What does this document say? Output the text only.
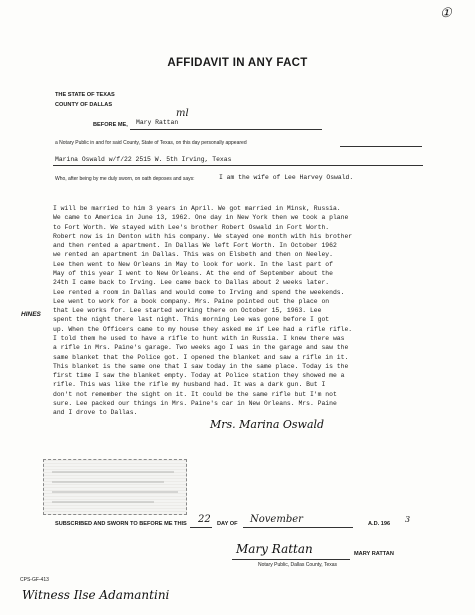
①
AFFIDAVIT IN ANY FACT
THE STATE OF TEXAS
COUNTY OF DALLAS
BEFORE ME, Mary Rattan
ml
a Notary Public in and for said County, State of Texas, on this day personally appeared
Marina Oswald w/f/22 2515 W. 5th Irving, Texas
Who, after being by me duly sworn, on oath deposes and says:	I am the wife of Lee Harvey Oswald.
HINES
I will be married to him 3 years in April. We got married in Minsk, Russia.
We came to America in June 13, 1962. One day in New York then we took a plane
to Fort Worth. We stayed with Lee's brother Robert Oswald in Fort Worth.
Robert now is in Denton with his company. We stayed one month with his brother
and then rented a apartment. In Dallas We left Fort Worth. In October 1962
we rented an apartment in Dallas. This was on Elsbeth and then on Neeley.
Lee then went to New Orleans in May to look for work. In the last part of
May of this year I went to New Orleans. At the end of September about the
24th I came back to Irving. Lee came back to Dallas about 2 weeks later.
Lee rented a room in Dallas and would come to Irving and spend the weekends.
Lee went to work for a book company. Mrs. Paine pointed out the place on
that Lee works for. Lee started working there on October 15, 1963. Lee
spent the night there last night. This morning Lee was gone before I got
up. When the Officers came to my house they asked me if Lee had a rifle rifle.
I told them he used to have a rifle to hunt with in Russia. I knew there was
a rifle in Mrs. Paine's garage. Two weeks ago I was in the garage and saw the
same blanket that the Police got. I opened the blanket and saw a rifle in it.
This blanket is the same one that I saw today in the same place. Today is the
first time I saw the blanket empty. Today at Police station they showed me a
rifle. This was like the rifle my husband had. It was a dark gun. But I
don't not remember the sight on it. It could be the same rifle but I'm not
sure. Lee packed our things in Mrs. Paine's car in New Orleans. Mrs. Paine
and I drove to Dallas.
Mrs. Marina Oswald
SUBSCRIBED AND SWORN TO BEFORE ME THIS 22 DAY OF November	A.D. 196 3
Mary Rattan	MARY RATTAN
Notary Public, Dallas County, Texas
CPS-GF-413
Witness Ilse Adamantini
